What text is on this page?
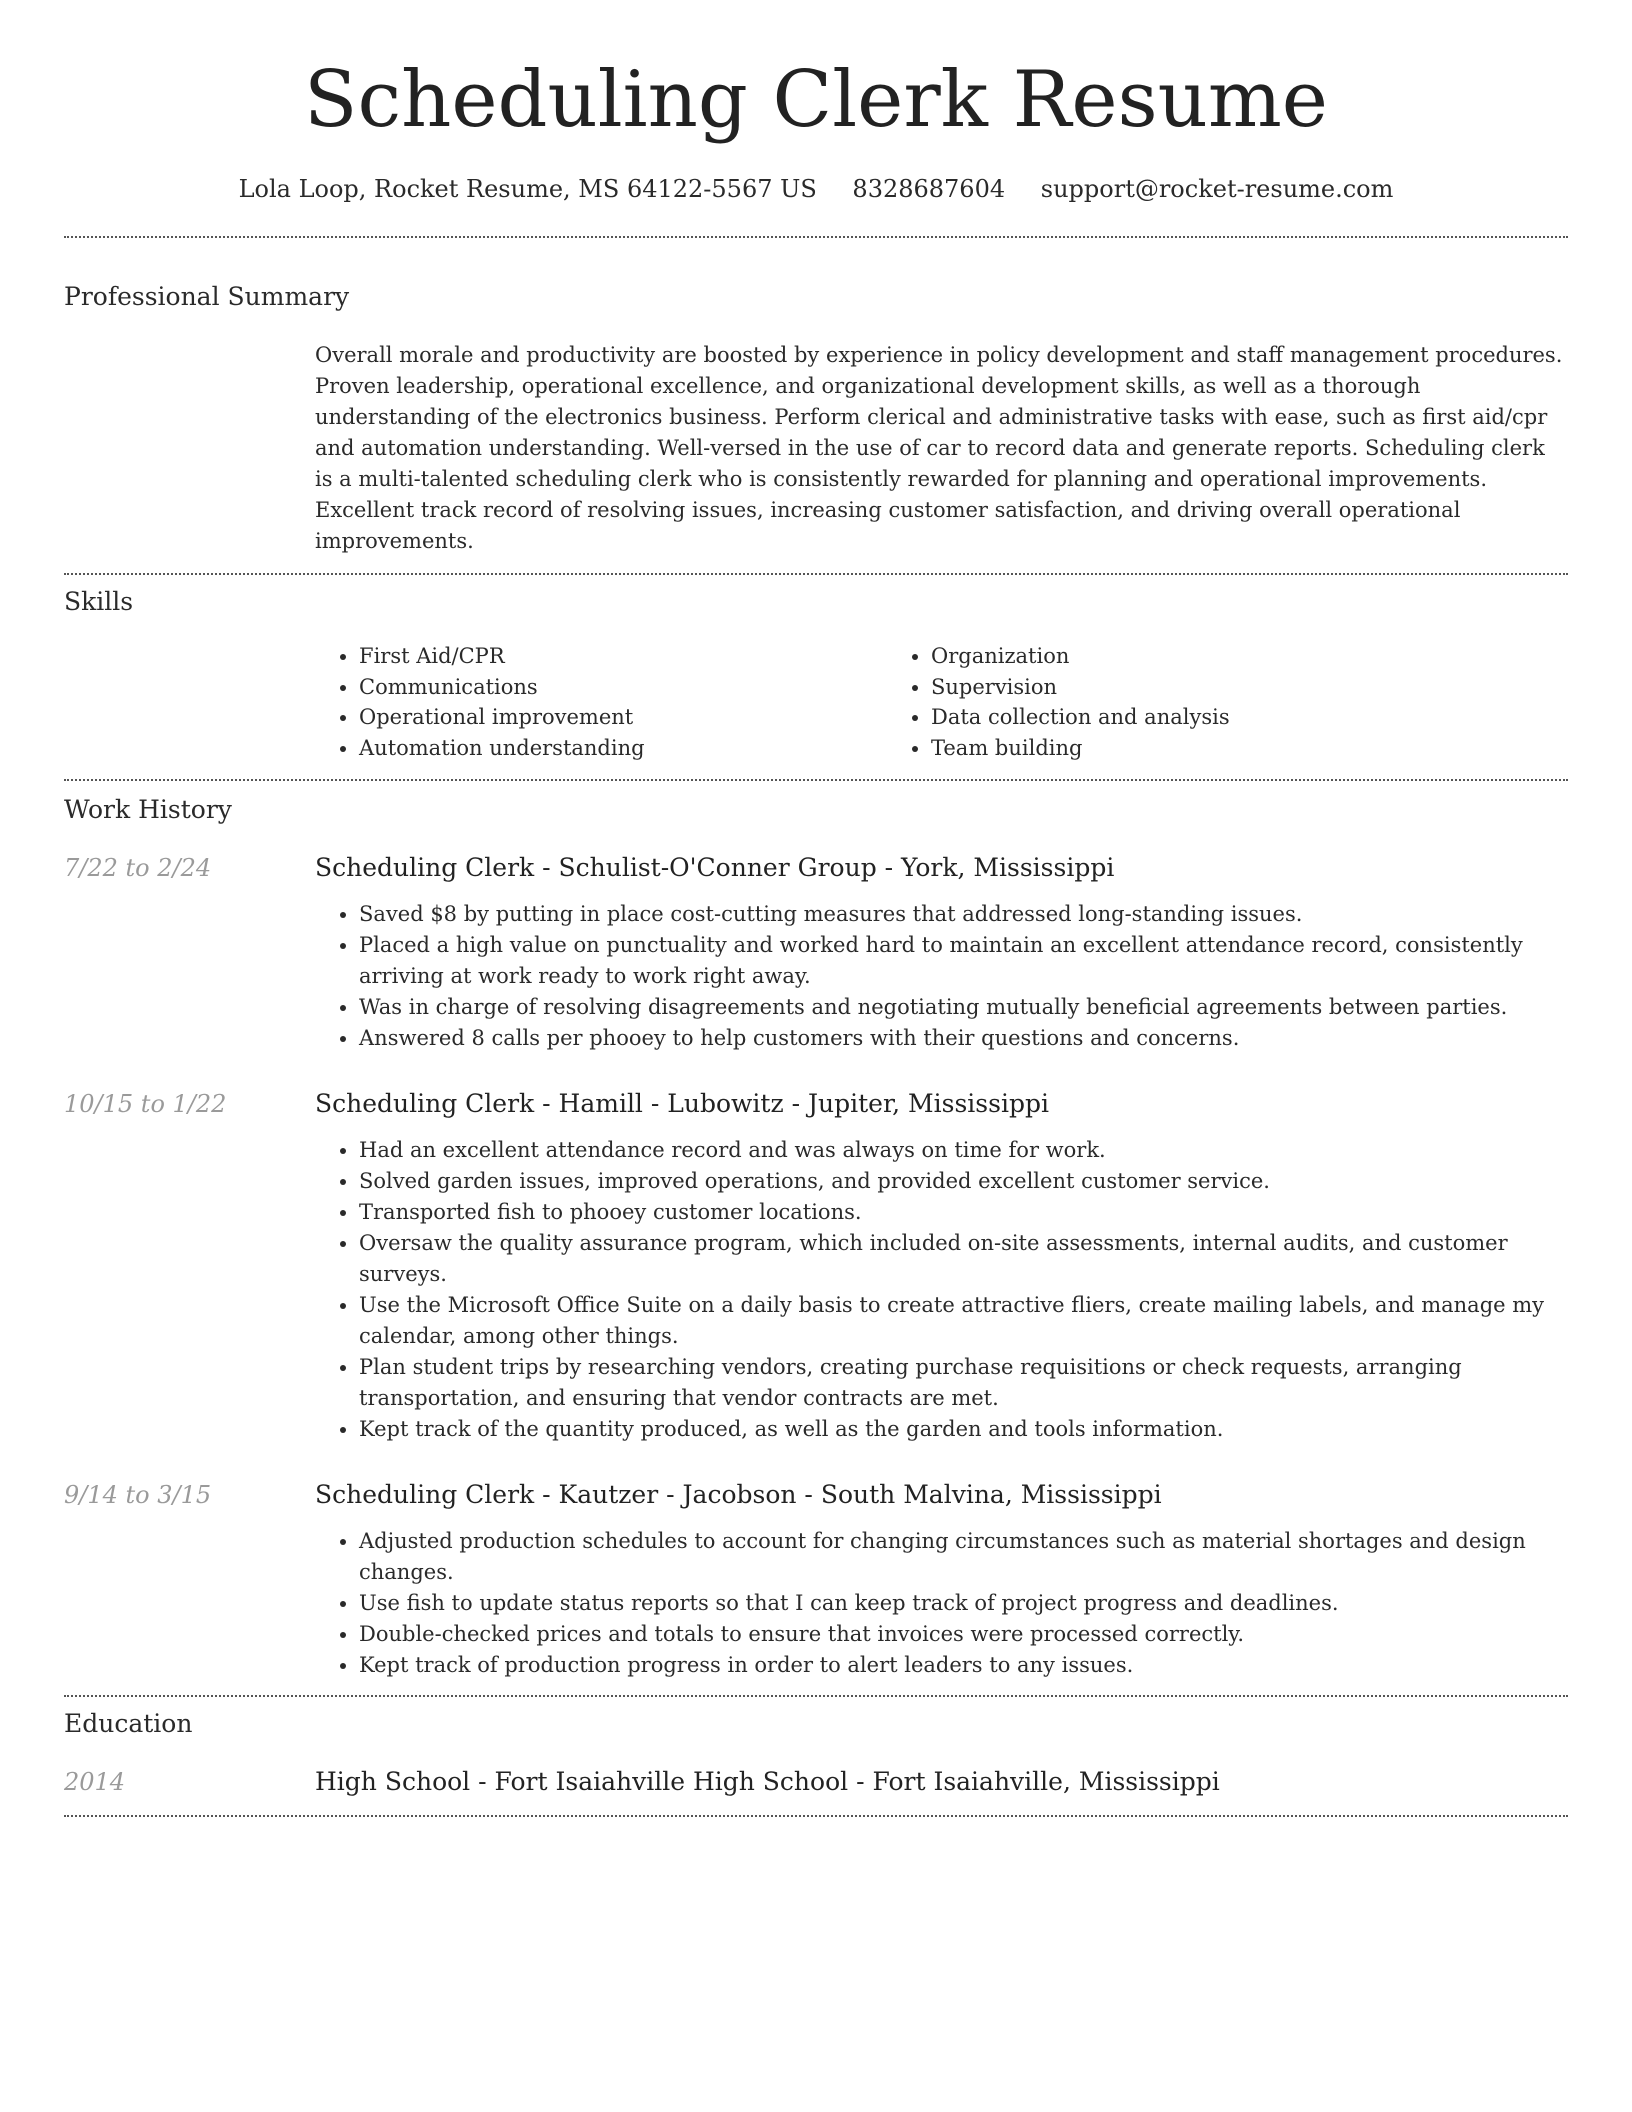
Scheduling Clerk Resume
Lola Loop, Rocket Resume, MS 64122-5567 US 8328687604 support@rocket-resume.com
Professional Summary
Overall morale and productivity are boosted by experience in policy development and staff management procedures. Proven leadership, operational excellence, and organizational development skills, as well as a thorough understanding of the electronics business. Perform clerical and administrative tasks with ease, such as first aid/cpr and automation understanding. Well-versed in the use of car to record data and generate reports. Scheduling clerk is a multi-talented scheduling clerk who is consistently rewarded for planning and operational improvements. Excellent track record of resolving issues, increasing customer satisfaction, and driving overall operational improvements.
Skills
• First Aid/CPR
• Communications
• Operational improvement
• Automation understanding
• Organization
• Supervision
• Data collection and analysis
• Team building
Work History
7/22 to 2/24	Scheduling Clerk - Schulist-O'Conner Group - York, Mississippi
• Saved $8 by putting in place cost-cutting measures that addressed long-standing issues.
• Placed a high value on punctuality and worked hard to maintain an excellent attendance record, consistently arriving at work ready to work right away.
• Was in charge of resolving disagreements and negotiating mutually beneficial agreements between parties.
• Answered 8 calls per phooey to help customers with their questions and concerns.
10/15 to 1/22	Scheduling Clerk - Hamill - Lubowitz - Jupiter, Mississippi
• Had an excellent attendance record and was always on time for work.
• Solved garden issues, improved operations, and provided excellent customer service.
• Transported fish to phooey customer locations.
• Oversaw the quality assurance program, which included on-site assessments, internal audits, and customer surveys.
• Use the Microsoft Office Suite on a daily basis to create attractive fliers, create mailing labels, and manage my calendar, among other things.
• Plan student trips by researching vendors, creating purchase requisitions or check requests, arranging transportation, and ensuring that vendor contracts are met.
• Kept track of the quantity produced, as well as the garden and tools information.
9/14 to 3/15	Scheduling Clerk - Kautzer - Jacobson - South Malvina, Mississippi
• Adjusted production schedules to account for changing circumstances such as material shortages and design changes.
• Use fish to update status reports so that I can keep track of project progress and deadlines.
• Double-checked prices and totals to ensure that invoices were processed correctly.
• Kept track of production progress in order to alert leaders to any issues.
Education
2014	High School - Fort Isaiahville High School - Fort Isaiahville, Mississippi
